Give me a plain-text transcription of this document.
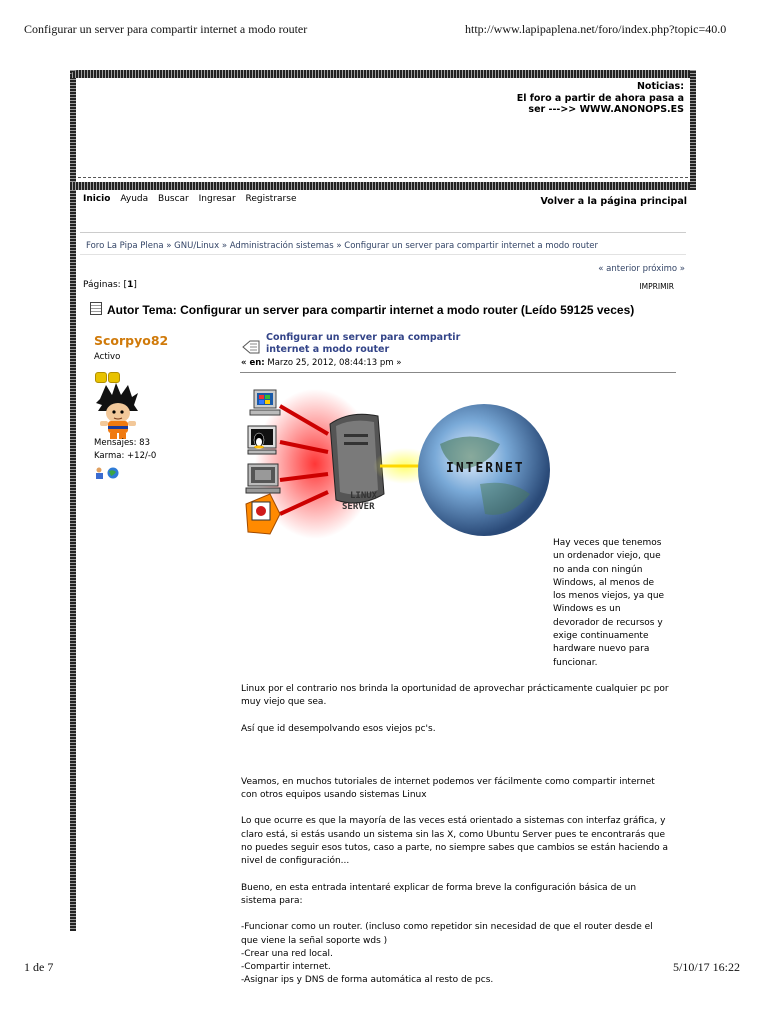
Configurar un server para compartir internet a modo router	http://www.lapipaplena.net/foro/index.php?topic=40.0
Noticias:
El foro a partir de ahora pasa a
ser --->> WWW.ANONOPS.ES
Inicio Ayuda Buscar Ingresar Registrarse	Volver a la página principal
Foro La Pipa Plena » GNU/Linux » Administración sistemas » Configurar un server para compartir internet a modo router
« anterior próximo »
Páginas: [1]	IMPRIMIR
Autor Tema: Configurar un server para compartir internet a modo router (Leído 59125 veces)
Scorpyo82
Activo
Mensajes: 83
Karma: +12/-0
Configurar un server para compartir
internet a modo router
« en: Marzo 25, 2012, 08:44:13 pm »
LINUX
SERVER
INTERNET

Hay veces que tenemos un ordenador viejo, que no anda con ningún Windows, al menos de los menos viejos, ya que Windows es un devorador de recursos y exige continuamente hardware nuevo para funcionar.

Linux por el contrario nos brinda la oportunidad de aprovechar prácticamente cualquier pc por muy viejo que sea.

Así que id desempolvando esos viejos pc's.

Veamos, en muchos tutoriales de internet podemos ver fácilmente como compartir internet con otros equipos usando sistemas Linux

Lo que ocurre es que la mayoría de las veces está orientado a sistemas con interfaz gráfica, y claro está, si estás usando un sistema sin las X, como Ubuntu Server pues te encontrarás que no puedes seguir esos tutos, caso a parte, no siempre sabes que cambios se están haciendo a nivel de configuración...

Bueno, en esta entrada intentaré explicar de forma breve la configuración básica de un sistema para:

-Funcionar como un router. (incluso como repetidor sin necesidad de que el router desde el que viene la señal soporte wds )
-Crear una red local.
-Compartir internet.
-Asignar ips y DNS de forma automática al resto de pcs.
1 de 7	5/10/17 16:22
